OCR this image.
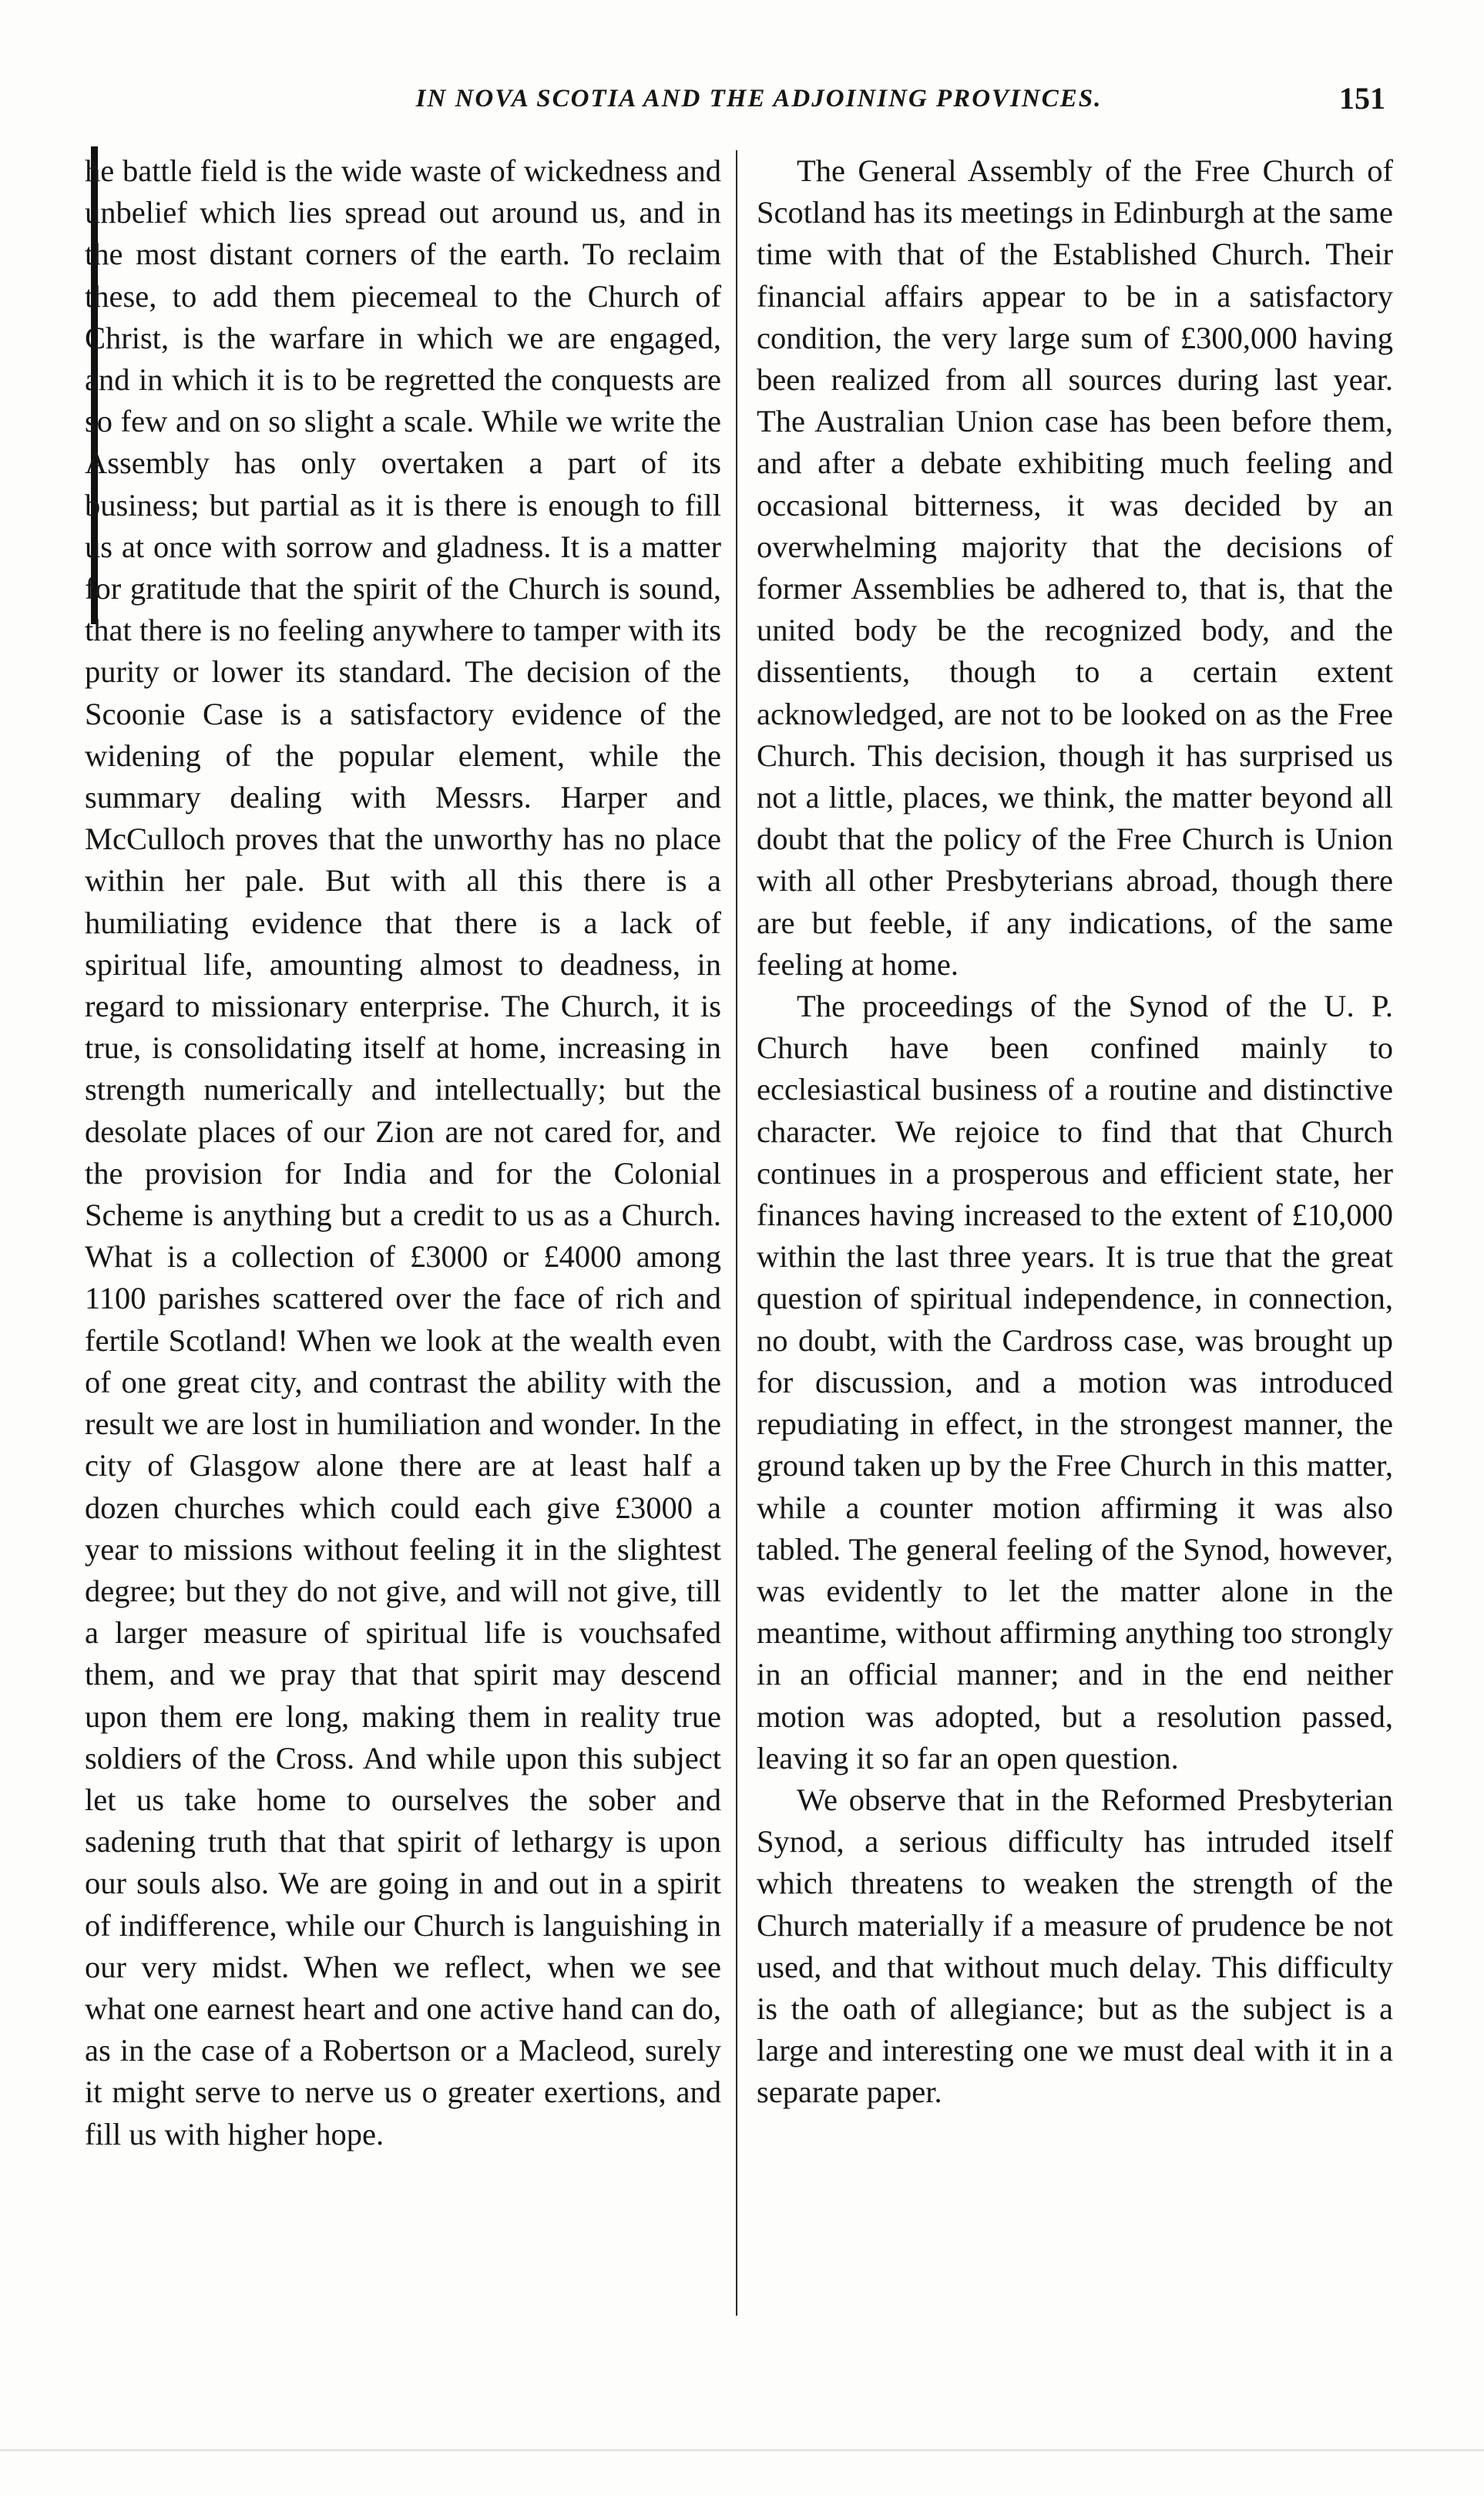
IN NOVA SCOTIA AND THE ADJOINING PROVINCES.	151

he battle field is the wide waste of wickedness and unbelief which lies spread out around us, and in the most distant corners of the earth. To reclaim these, to add them piecemeal to the Church of Christ, is the warfare in which we are engaged, and in which it is to be regretted the conquests are so few and on so slight a scale. While we write the Assembly has only overtaken a part of its business; but partial as it is there is enough to fill us at once with sorrow and gladness. It is a matter for gratitude that the spirit of the Church is sound, that there is no feeling anywhere to tamper with its purity or lower its standard. The decision of the Scoonie Case is a satisfactory evidence of the widening of the popular element, while the summary dealing with Messrs. Harper and McCulloch proves that the unworthy has no place within her pale. But with all this there is a humiliating evidence that there is a lack of spiritual life, amounting almost to deadness, in regard to missionary enterprise. The Church, it is true, is consolidating itself at home, increasing in strength numerically and intellectually; but the desolate places of our Zion are not cared for, and the provision for India and for the Colonial Scheme is anything but a credit to us as a Church. What is a collection of £3000 or £4000 among 1100 parishes scattered over the face of rich and fertile Scotland! When we look at the wealth even of one great city, and contrast the ability with the result we are lost in humiliation and wonder. In the city of Glasgow alone there are at least half a dozen churches which could each give £3000 a year to missions without feeling it in the slightest degree; but they do not give, and will not give, till a larger measure of spiritual life is vouchsafed them, and we pray that that spirit may descend upon them ere long, making them in reality true soldiers of the Cross. And while upon this subject let us take home to ourselves the sober and sadening truth that that spirit of lethargy is upon our souls also. We are going in and out in a spirit of indifference, while our Church is languishing in our very midst. When we reflect, when we see what one earnest heart and one active hand can do, as in the case of a Robertson or a Macleod, surely it might serve to nerve us o greater exertions, and fill us with higher hope.

The General Assembly of the Free Church of Scotland has its meetings in Edinburgh at the same time with that of the Established Church. Their financial affairs appear to be in a satisfactory condition, the very large sum of £300,000 having been realized from all sources during last year. The Australian Union case has been before them, and after a debate exhibiting much feeling and occasional bitterness, it was decided by an overwhelming majority that the decisions of former Assemblies be adhered to, that is, that the united body be the recognized body, and the dissentients, though to a certain extent acknowledged, are not to be looked on as the Free Church. This decision, though it has surprised us not a little, places, we think, the matter beyond all doubt that the policy of the Free Church is Union with all other Presbyterians abroad, though there are but feeble, if any indications, of the same feeling at home.

The proceedings of the Synod of the U. P. Church have been confined mainly to ecclesiastical business of a routine and distinctive character. We rejoice to find that that Church continues in a prosperous and efficient state, her finances having increased to the extent of £10,000 within the last three years. It is true that the great question of spiritual independence, in connection, no doubt, with the Cardross case, was brought up for discussion, and a motion was introduced repudiating in effect, in the strongest manner, the ground taken up by the Free Church in this matter, while a counter motion affirming it was also tabled. The general feeling of the Synod, however, was evidently to let the matter alone in the meantime, without affirming anything too strongly in an official manner; and in the end neither motion was adopted, but a resolution passed, leaving it so far an open question.

We observe that in the Reformed Presbyterian Synod, a serious difficulty has intruded itself which threatens to weaken the strength of the Church materially if a measure of prudence be not used, and that without much delay. This difficulty is the oath of allegiance; but as the subject is a large and interesting one we must deal with it in a separate paper.
